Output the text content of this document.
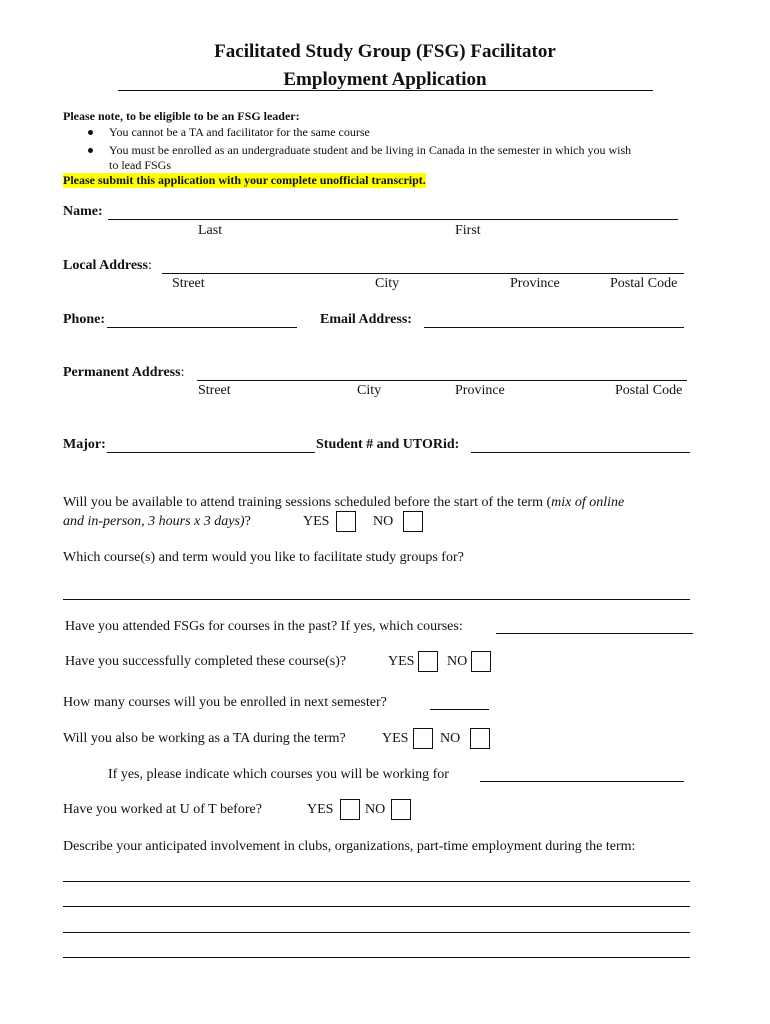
Facilitated Study Group (FSG) Facilitator
Employment Application
Please note, to be eligible to be an FSG leader:
You cannot be a TA and facilitator for the same course
You must be enrolled as an undergraduate student and be living in Canada in the semester in which you wish
to lead FSGs
Please submit this application with your complete unofficial transcript.
Name:
Last	First
Local Address:
Street	City	Province	Postal Code
Phone:	Email Address:
Permanent Address:
Street	City	Province	Postal Code
Major:	Student # and UTORid:
Will you be available to attend training sessions scheduled before the start of the term (mix of online
and in-person, 3 hours x 3 days)?	YES	NO
Which course(s) and term would you like to facilitate study groups for?
Have you attended FSGs for courses in the past? If yes, which courses:
Have you successfully completed these course(s)?	YES NO
How many courses will you be enrolled in next semester?
Will you also be working as a TA during the term?	YES NO
If yes, please indicate which courses you will be working for
Have you worked at U of T before?	YES NO
Describe your anticipated involvement in clubs, organizations, part-time employment during the term:
